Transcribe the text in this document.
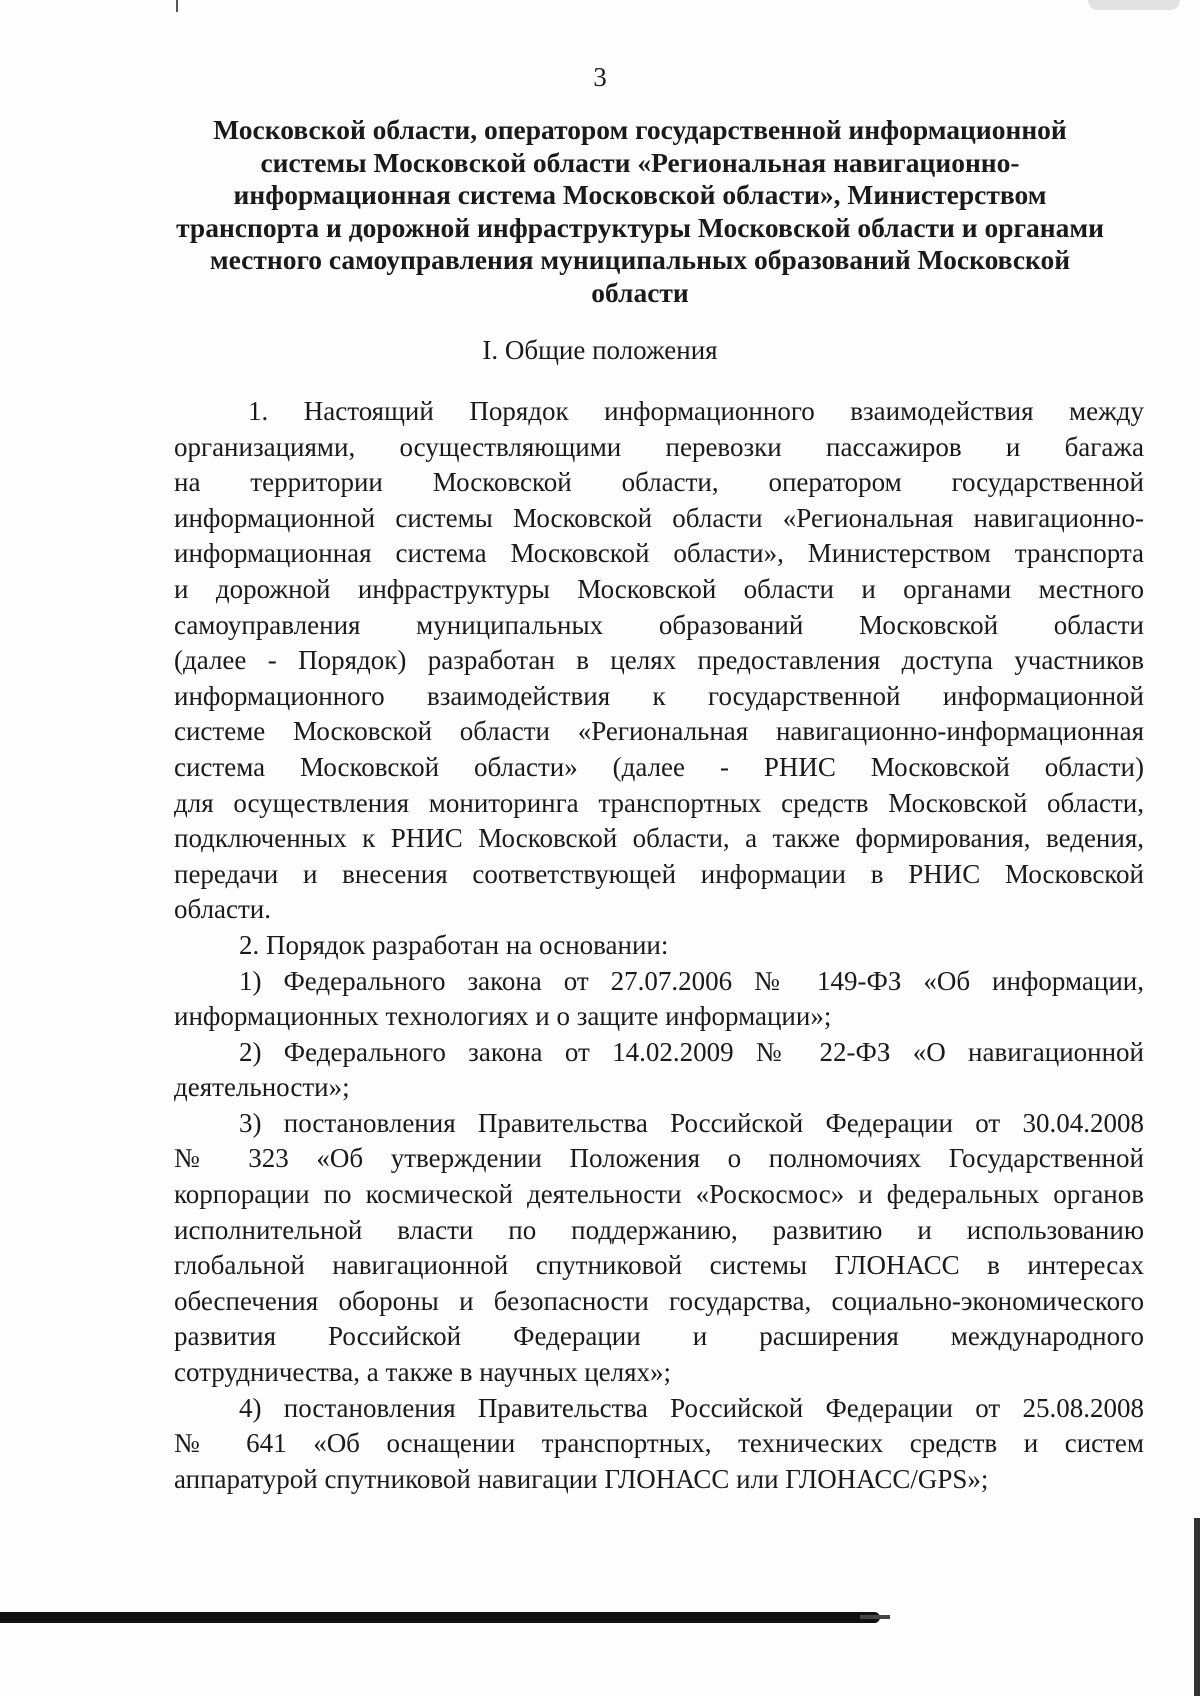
3
Московской области, оператором государственной информационной
системы Московской области «Региональная навигационно-
информационная система Московской области», Министерством
транспорта и дорожной инфраструктуры Московской области и органами
местного самоуправления муниципальных образований Московской
области
I. Общие положения

1. Настоящий Порядок информационного взаимодействия между
организациями, осуществляющими перевозки пассажиров и багажа
на территории Московской области, оператором государственной
информационной системы Московской области «Региональная навигационно-
информационная система Московской области», Министерством транспорта
и дорожной инфраструктуры Московской области и органами местного
самоуправления муниципальных образований Московской области
(далее - Порядок) разработан в целях предоставления доступа участников
информационного взаимодействия к государственной информационной
системе Московской области «Региональная навигационно-информационная
система Московской области» (далее - РНИС Московской области)
для осуществления мониторинга транспортных средств Московской области,
подключенных к РНИС Московской области, а также формирования, ведения,
передачи и внесения соответствующей информации в РНИС Московской
области.

2. Порядок разработан на основании:

1) Федерального закона от 27.07.2006 № 149-ФЗ «Об информации,
информационных технологиях и о защите информации»;

2) Федерального закона от 14.02.2009 № 22-ФЗ «О навигационной
деятельности»;

3) постановления Правительства Российской Федерации от 30.04.2008
№ 323 «Об утверждении Положения о полномочиях Государственной
корпорации по космической деятельности «Роскосмос» и федеральных органов
исполнительной власти по поддержанию, развитию и использованию
глобальной навигационной спутниковой системы ГЛОНАСС в интересах
обеспечения обороны и безопасности государства, социально-экономического
развития Российской Федерации и расширения международного
сотрудничества, а также в научных целях»;

4) постановления Правительства Российской Федерации от 25.08.2008
№ 641 «Об оснащении транспортных, технических средств и систем
аппаратурой спутниковой навигации ГЛОНАСС или ГЛОНАСС/GPS»;
